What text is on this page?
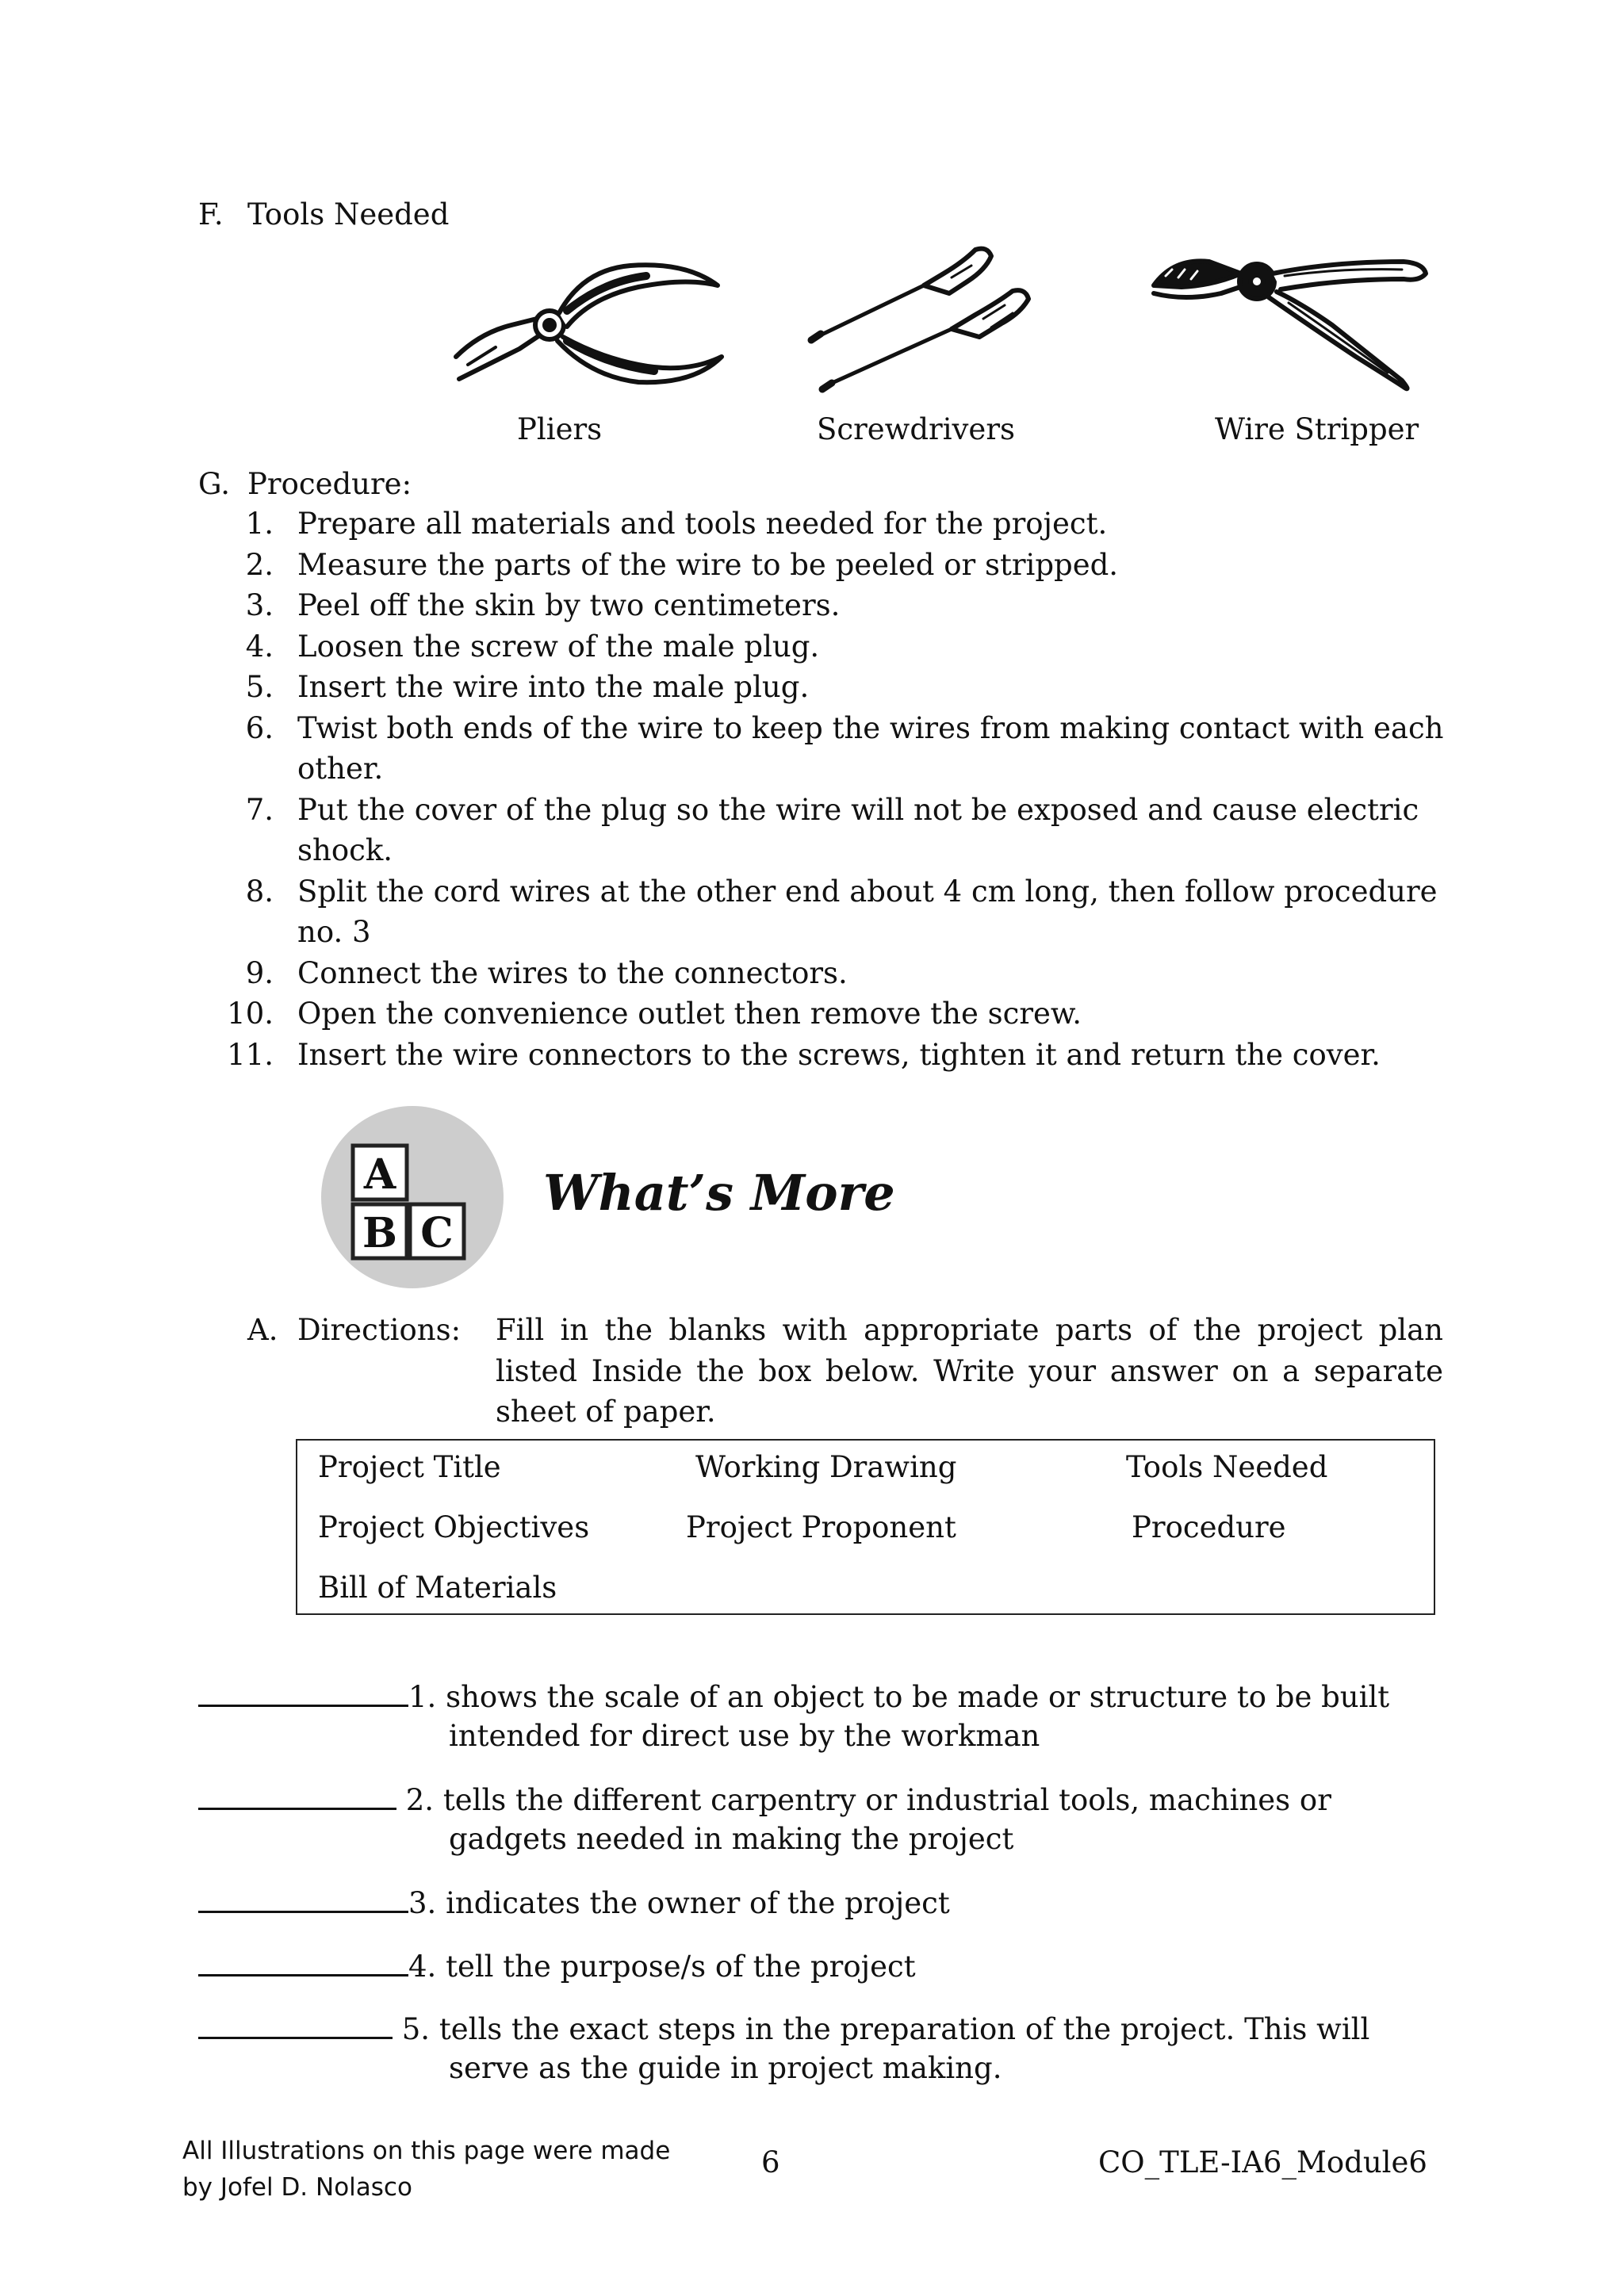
F. Tools Needed
Pliers	Screwdrivers	Wire Stripper
G. Procedure:
1. Prepare all materials and tools needed for the project.
2. Measure the parts of the wire to be peeled or stripped.
3. Peel off the skin by two centimeters.
4. Loosen the screw of the male plug.
5. Insert the wire into the male plug.
6. Twist both ends of the wire to keep the wires from making contact with each other.
7. Put the cover of the plug so the wire will not be exposed and cause electric shock.
8. Split the cord wires at the other end about 4 cm long, then follow procedure no. 3
9. Connect the wires to the connectors.
10. Open the convenience outlet then remove the screw.
11. Insert the wire connectors to the screws, tighten it and return the cover.
A
B C
What’s More
A. Directions: Fill in the blanks with appropriate parts of the project plan listed Inside the box below. Write your answer on a separate sheet of paper.
Project Title	Working Drawing	Tools Needed
Project Objectives	Project Proponent	Procedure
Bill of Materials
1. shows the scale of an object to be made or structure to be built
intended for direct use by the workman
2. tells the different carpentry or industrial tools, machines or
gadgets needed in making the project
3. indicates the owner of the project
4. tell the purpose/s of the project
5. tells the exact steps in the preparation of the project. This will
serve as the guide in project making.
All Illustrations on this page were made
by Jofel D. Nolasco
6	CO_TLE-IA6_Module6
